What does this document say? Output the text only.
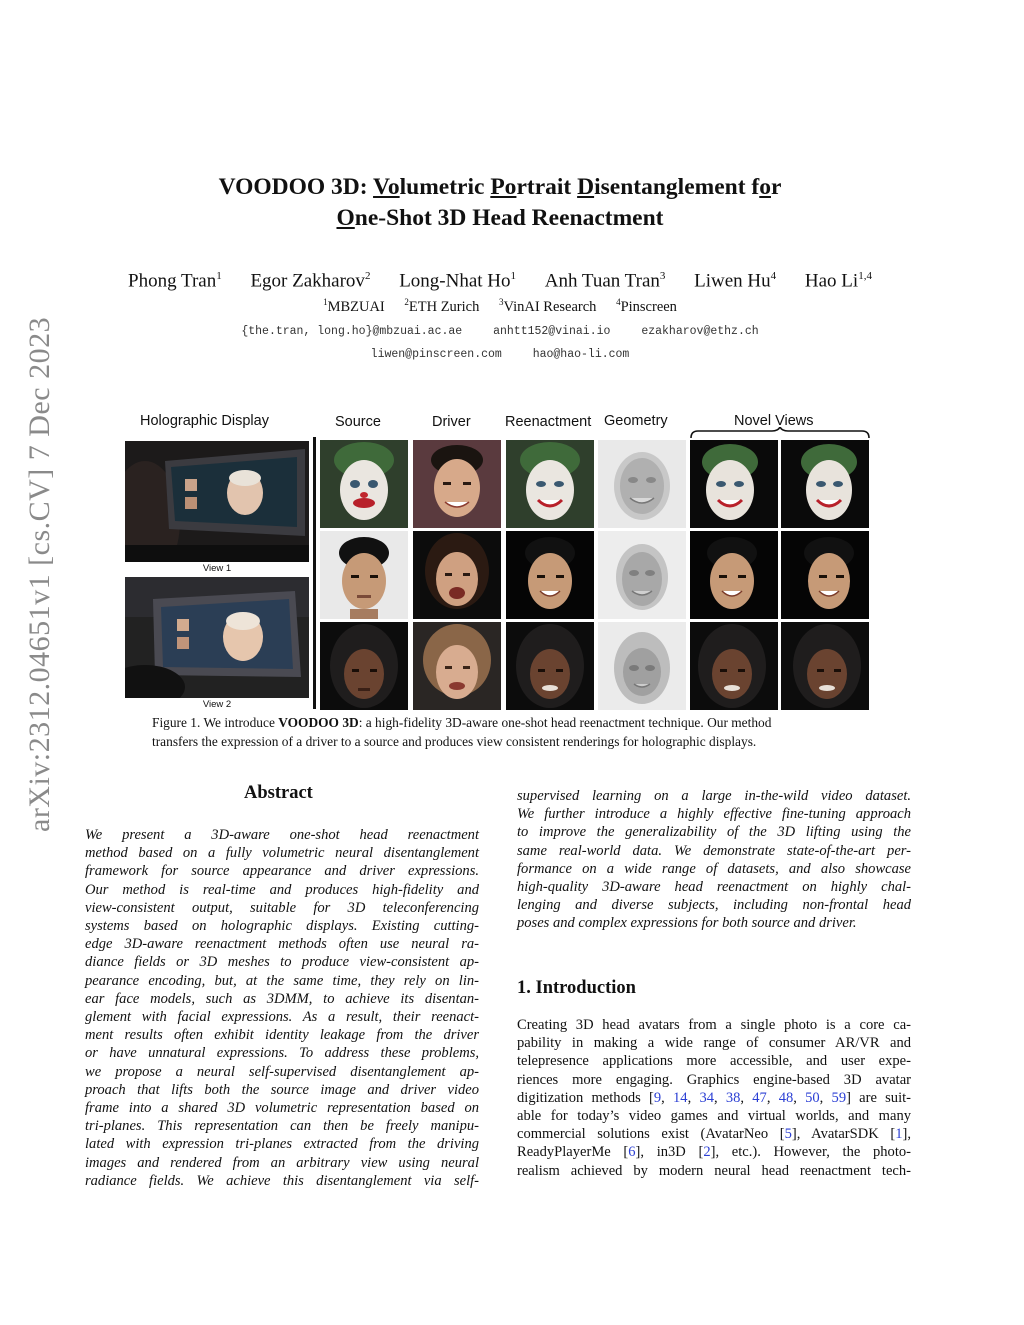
arXiv:2312.04651v1 [cs.CV] 7 Dec 2023
VOODOO 3D: Volumetric Portrait Disentanglement for
One-Shot 3D Head Reenactment
Phong Tran$^1$ Egor Zakharov$^2$ Long-Nhat Ho$^1$ Anh Tuan Tran$^3$ Liwen Hu$^4$ Hao Li$^{1,4}$
$^1$MBZUAI $^2$ETH Zurich $^3$VinAI Research $^4$Pinscreen
{the.tran, long.ho}@mbzuai.ac.ae	anhtt152@vinai.io	ezakharov@ethz.ch
liwen@pinscreen.com	hao@hao-li.com
Holographic Display	Source	Driver Reenactment Geometry	Novel Views
View 1
View 2
Figure 1. We introduce VOODOO 3D: a high-fidelity 3D-aware one-shot head reenactment technique. Our method
transfers the expression of a driver to a source and produces view consistent renderings for holographic displays.
Abstract
We present a 3D-aware one-shot head reenactment
method based on a fully volumetric neural disentanglement
framework for source appearance and driver expressions.
Our method is real-time and produces high-fidelity and
view-consistent output, suitable for 3D teleconferencing
systems based on holographic displays. Existing cutting-
edge 3D-aware reenactment methods often use neural ra-
diance fields or 3D meshes to produce view-consistent ap-
pearance encoding, but, at the same time, they rely on lin-
ear face models, such as 3DMM, to achieve its disentan-
glement with facial expressions. As a result, their reenact-
ment results often exhibit identity leakage from the driver
or have unnatural expressions. To address these problems,
we propose a neural self-supervised disentanglement ap-
proach that lifts both the source image and driver video
frame into a shared 3D volumetric representation based on
tri-planes. This representation can then be freely manipu-
lated with expression tri-planes extracted from the driving
images and rendered from an arbitrary view using neural
radiance fields. We achieve this disentanglement via self-
supervised learning on a large in-the-wild video dataset.
We further introduce a highly effective fine-tuning approach
to improve the generalizability of the 3D lifting using the
same real-world data. We demonstrate state-of-the-art per-
formance on a wide range of datasets, and also showcase
high-quality 3D-aware head reenactment on highly chal-
lenging and diverse subjects, including non-frontal head
poses and complex expressions for both source and driver.
1. Introduction
Creating 3D head avatars from a single photo is a core ca-
pability in making a wide range of consumer AR/VR and
telepresence applications more accessible, and user expe-
riences more engaging. Graphics engine-based 3D avatar
digitization methods [9, 14, 34, 38, 47, 48, 50, 59] are suit-
able for today’s video games and virtual worlds, and many
commercial solutions exist (AvatarNeo [5], AvatarSDK [1],
ReadyPlayerMe [6], in3D [2], etc.). However, the photo-
realism achieved by modern neural head reenactment tech-
